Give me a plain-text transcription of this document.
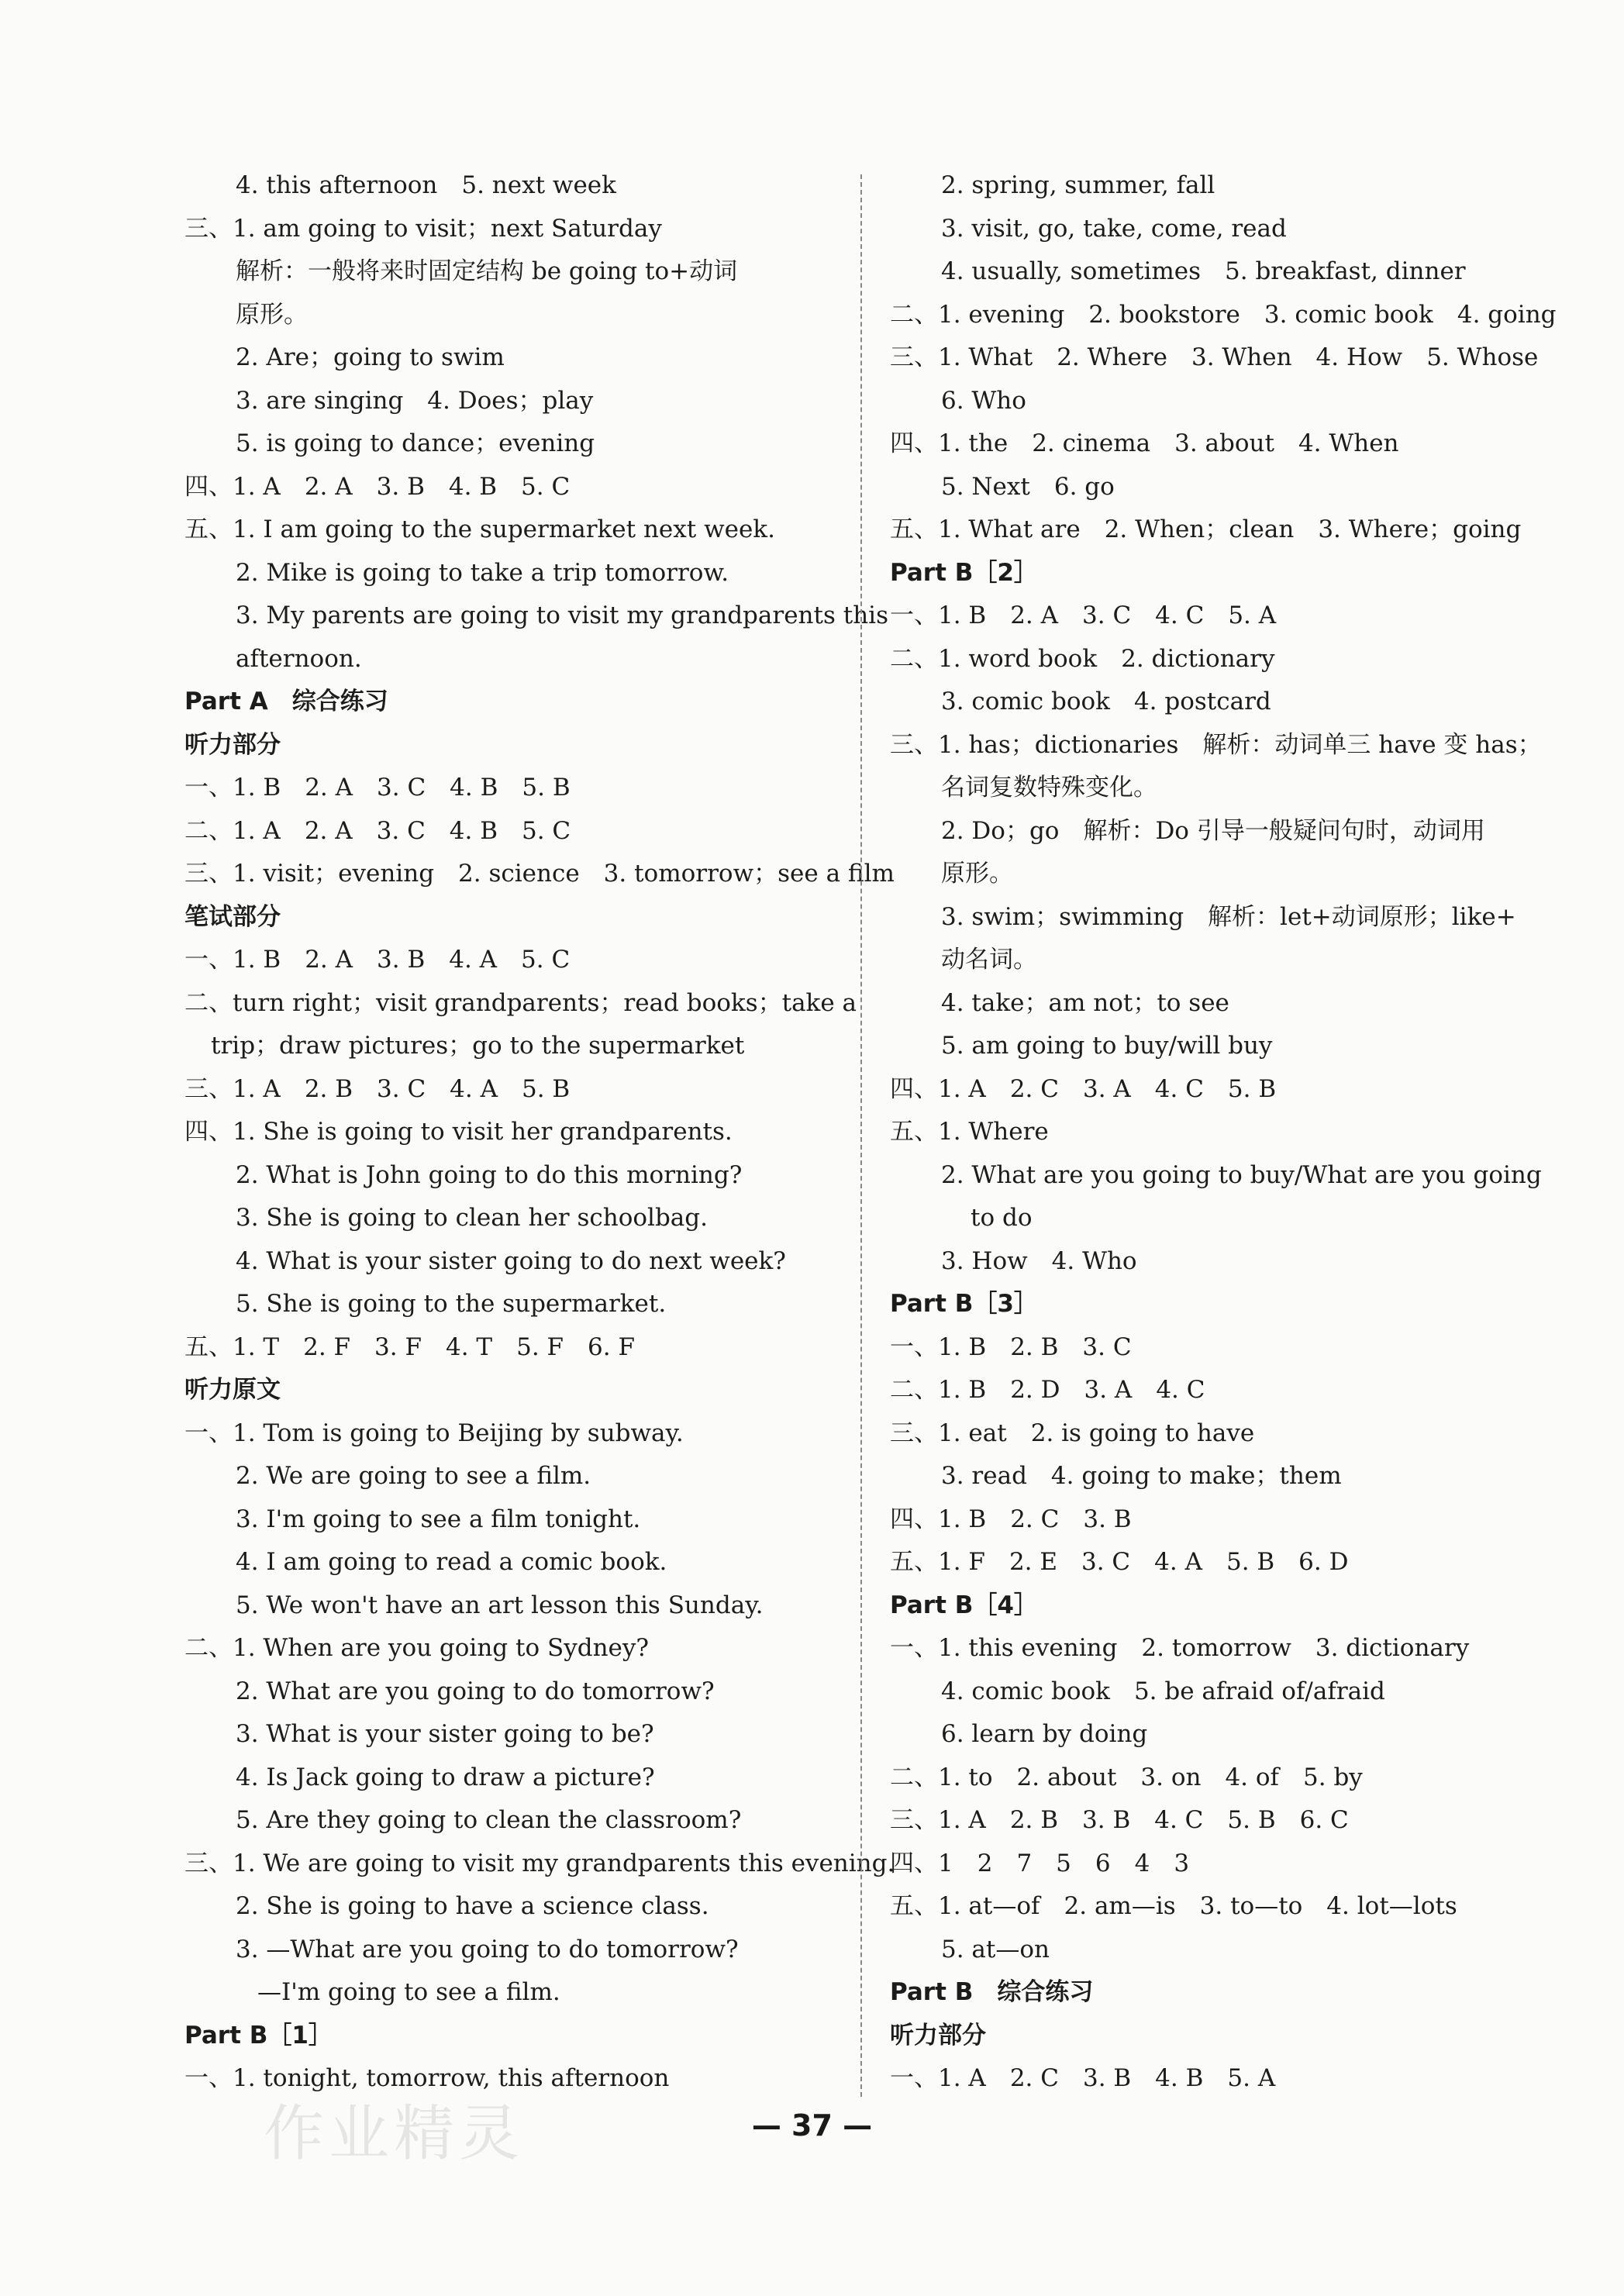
4. this afternoon　5. next week
三、1. am going to visit；next Saturday
解析：一般将来时固定结构 be going to+动词
原形。
2. Are；going to swim
3. are singing　4. Does；play
5. is going to dance；evening
四、1. A　2. A　3. B　4. B　5. C
五、1. I am going to the supermarket next week.
2. Mike is going to take a trip tomorrow.
3. My parents are going to visit my grandparents this
afternoon.
Part A　综合练习
听力部分
一、1. B　2. A　3. C　4. B　5. B
二、1. A　2. A　3. C　4. B　5. C
三、1. visit；evening　2. science　3. tomorrow；see a film
笔试部分
一、1. B　2. A　3. B　4. A　5. C
二、turn right；visit grandparents；read books；take a
trip；draw pictures；go to the supermarket
三、1. A　2. B　3. C　4. A　5. B
四、1. She is going to visit her grandparents.
2. What is John going to do this morning?
3. She is going to clean her schoolbag.
4. What is your sister going to do next week?
5. She is going to the supermarket.
五、1. T　2. F　3. F　4. T　5. F　6. F
听力原文
一、1. Tom is going to Beijing by subway.
2. We are going to see a film.
3. I'm going to see a film tonight.
4. I am going to read a comic book.
5. We won't have an art lesson this Sunday.
二、1. When are you going to Sydney?
2. What are you going to do tomorrow?
3. What is your sister going to be?
4. Is Jack going to draw a picture?
5. Are they going to clean the classroom?
三、1. We are going to visit my grandparents this evening.
2. She is going to have a science class.
3. —What are you going to do tomorrow?
—I'm going to see a film.
Part B［1］
一、1. tonight, tomorrow, this afternoon
2. spring, summer, fall
3. visit, go, take, come, read
4. usually, sometimes　5. breakfast, dinner
二、1. evening　2. bookstore　3. comic book　4. going
三、1. What　2. Where　3. When　4. How　5. Whose
6. Who
四、1. the　2. cinema　3. about　4. When
5. Next　6. go
五、1. What are　2. When；clean　3. Where；going
Part B［2］
一、1. B　2. A　3. C　4. C　5. A
二、1. word book　2. dictionary
3. comic book　4. postcard
三、1. has；dictionaries　解析：动词单三 have 变 has；
名词复数特殊变化。
2. Do；go　解析：Do 引导一般疑问句时，动词用
原形。
3. swim；swimming　解析：let+动词原形；like+
动名词。
4. take；am not；to see
5. am going to buy/will buy
四、1. A　2. C　3. A　4. C　5. B
五、1. Where
2. What are you going to buy/What are you going
to do
3. How　4. Who
Part B［3］
一、1. B　2. B　3. C
二、1. B　2. D　3. A　4. C
三、1. eat　2. is going to have
3. read　4. going to make；them
四、1. B　2. C　3. B
五、1. F　2. E　3. C　4. A　5. B　6. D
Part B［4］
一、1. this evening　2. tomorrow　3. dictionary
4. comic book　5. be afraid of/afraid
6. learn by doing
二、1. to　2. about　3. on　4. of　5. by
三、1. A　2. B　3. B　4. C　5. B　6. C
四、1　2　7　5　6　4　3
五、1. at—of　2. am—is　3. to—to　4. lot—lots
5. at—on
Part B　综合练习
听力部分
一、1. A　2. C　3. B　4. B　5. A
作业精灵	— 37 —
